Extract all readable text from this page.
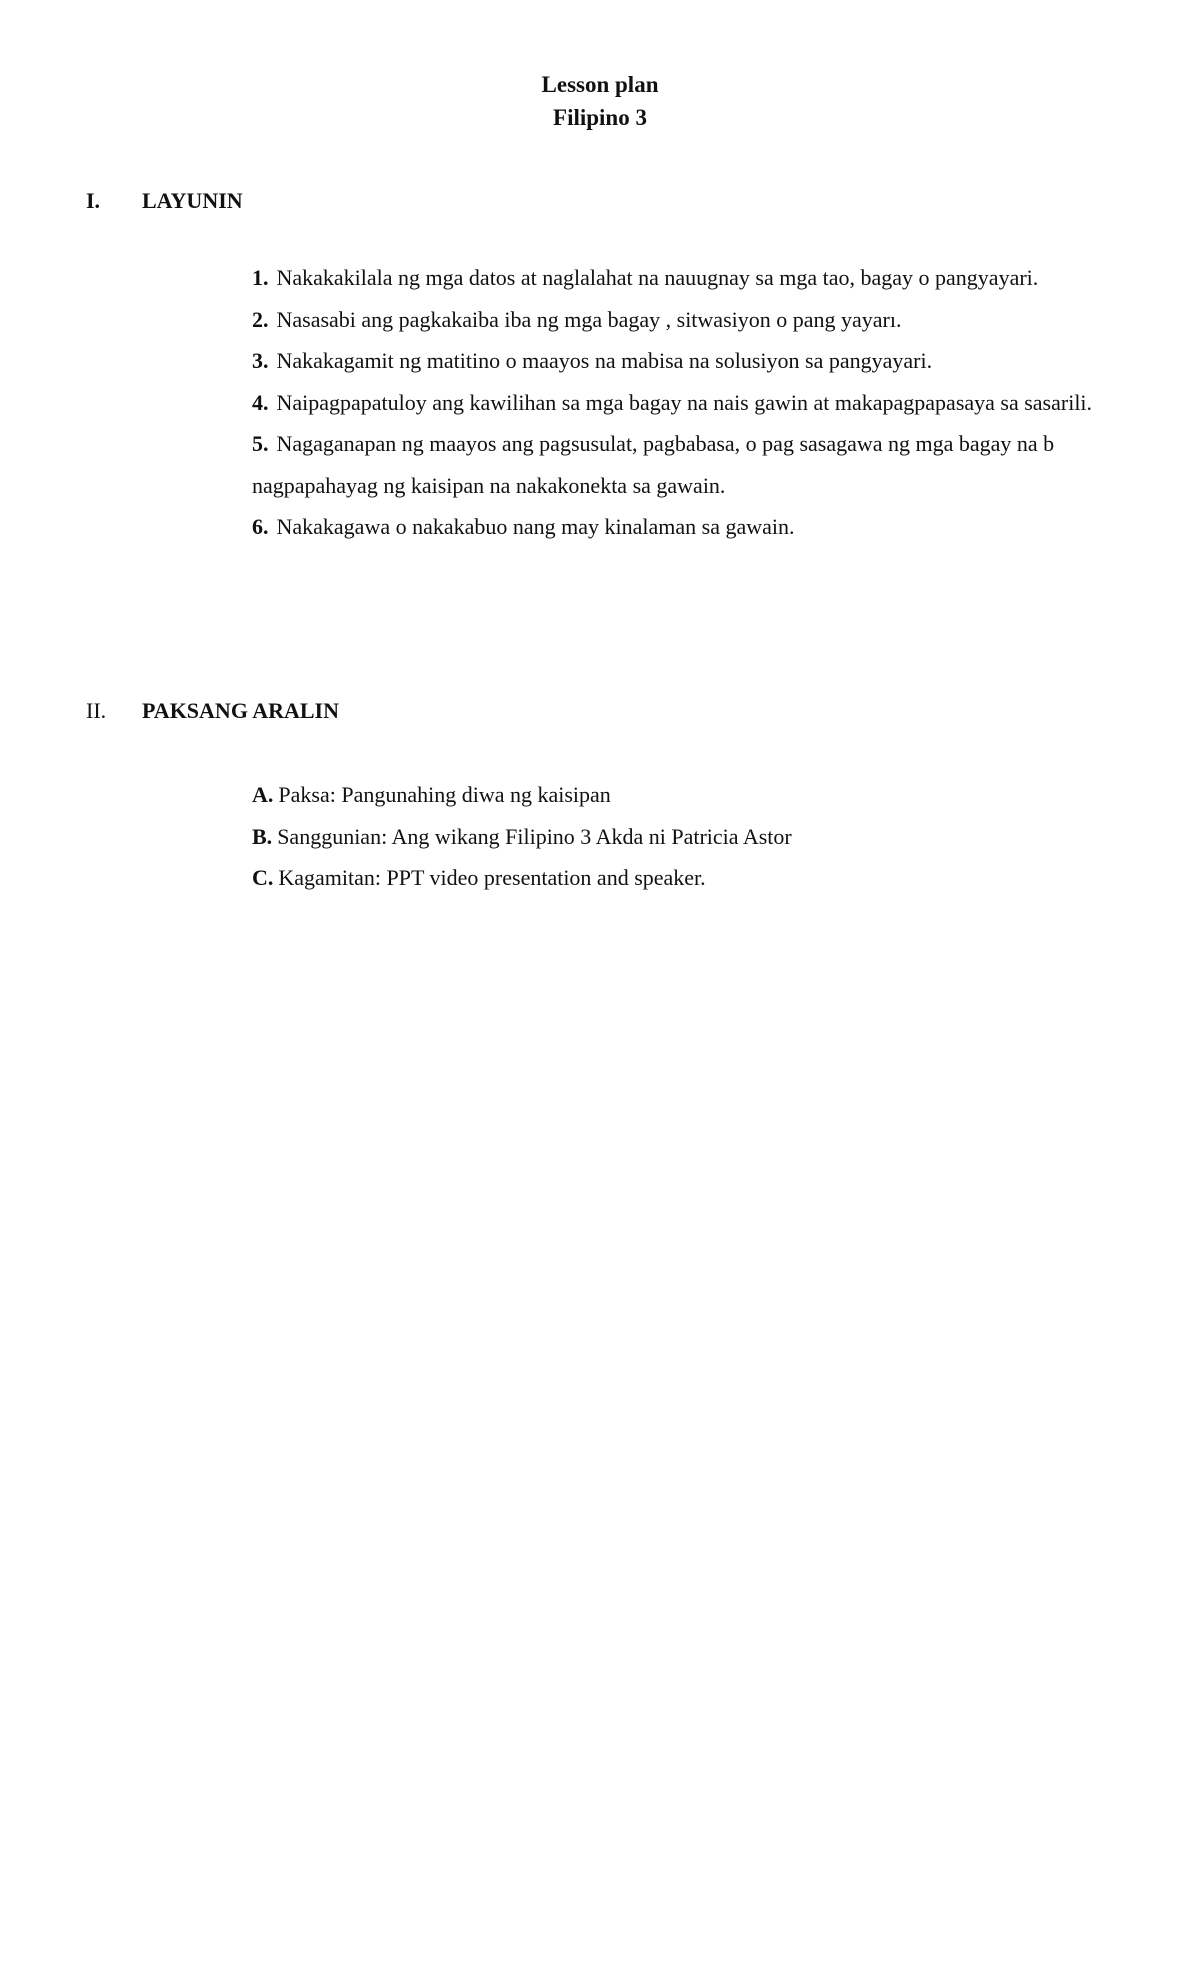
Lesson plan
Filipino 3
I. LAYUNIN
1. Nakakakilala ng mga datos at naglalahat na nauugnay sa mga tao, bagay o pangyayari.
2. Nasasabi ang pagkakaiba iba ng mga bagay , sitwasiyon o pang yayarı.
3. Nakakagamit ng matitino o maayos na mabisa na solusiyon sa pangyayari.
4. Naipagpapatuloy ang kawilihan sa mga bagay na nais gawin at makapagpapasaya sa sasarili.
5. Nagaganapan ng maayos ang pagsusulat, pagbabasa, o pag sasagawa ng mga bagay na b nagpapahayag ng kaisipan na nakakonekta sa gawain.
6. Nakakagawa o nakakabuo nang may kinalaman sa gawain.
II. PAKSANG ARALIN
A. Paksa: Pangunahing diwa ng kaisipan
B. Sanggunian: Ang wikang Filipino 3 Akda ni Patricia Astor
C. Kagamitan: PPT video presentation and speaker.
